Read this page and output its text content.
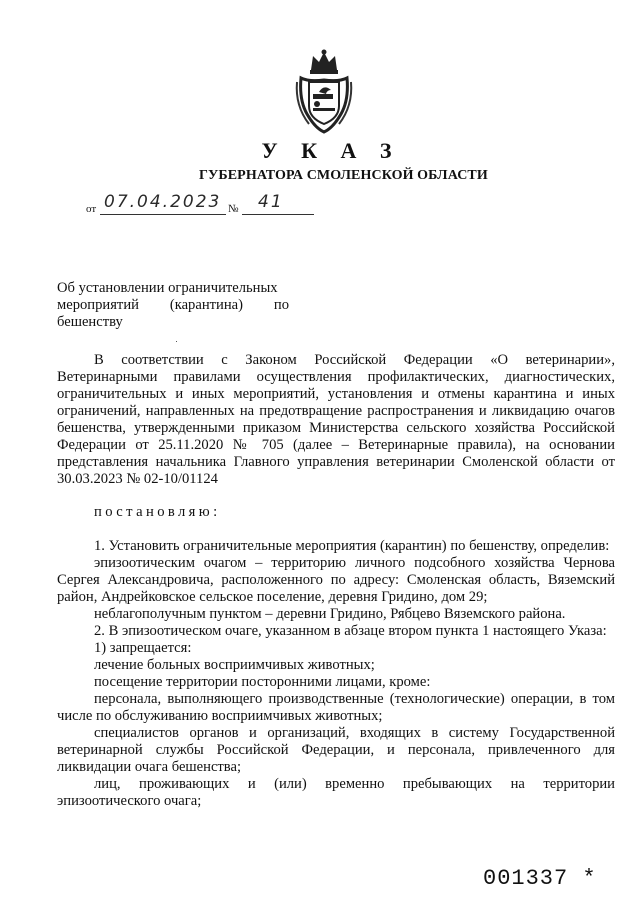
У К А З
ГУБЕРНАТОРА СМОЛЕНСКОЙ ОБЛАСТИ
от 07.04.2023 № 41

Об установлении ограничительных

мероприятий (карантина) по

бешенству

В соответствии с Законом Российской Федерации «О ветеринарии», Ветеринарными правилами осуществления профилактических, диагностических, ограничительных и иных мероприятий, установления и отмены карантина и иных ограничений, направленных на предотвращение распространения и ликвидацию очагов бешенства, утвержденными приказом Министерства сельского хозяйства Российской Федерации от 25.11.2020 № 705 (далее – Ветеринарные правила), на основании представления начальника Главного управления ветеринарии Смоленской области от 30.03.2023 № 02-10/01124

постановляю:

1. Установить ограничительные мероприятия (карантин) по бешенству, определив:

эпизоотическим очагом – территорию личного подсобного хозяйства Чернова Сергея Александровича, расположенного по адресу: Смоленская область, Вяземский район, Андрейковское сельское поселение, деревня Гридино, дом 29;

неблагополучным пунктом – деревни Гридино, Рябцево Вяземского района.

2. В эпизоотическом очаге, указанном в абзаце втором пункта 1 настоящего Указа:

1) запрещается:

лечение больных восприимчивых животных;

посещение территории посторонними лицами, кроме:

персонала, выполняющего производственные (технологические) операции, в том числе по обслуживанию восприимчивых животных;

специалистов органов и организаций, входящих в систему Государственной ветеринарной службы Российской Федерации, и персонала, привлеченного для ликвидации очага бешенства;

лиц, проживающих и (или) временно пребывающих на территории эпизоотического очага;

001337 *
